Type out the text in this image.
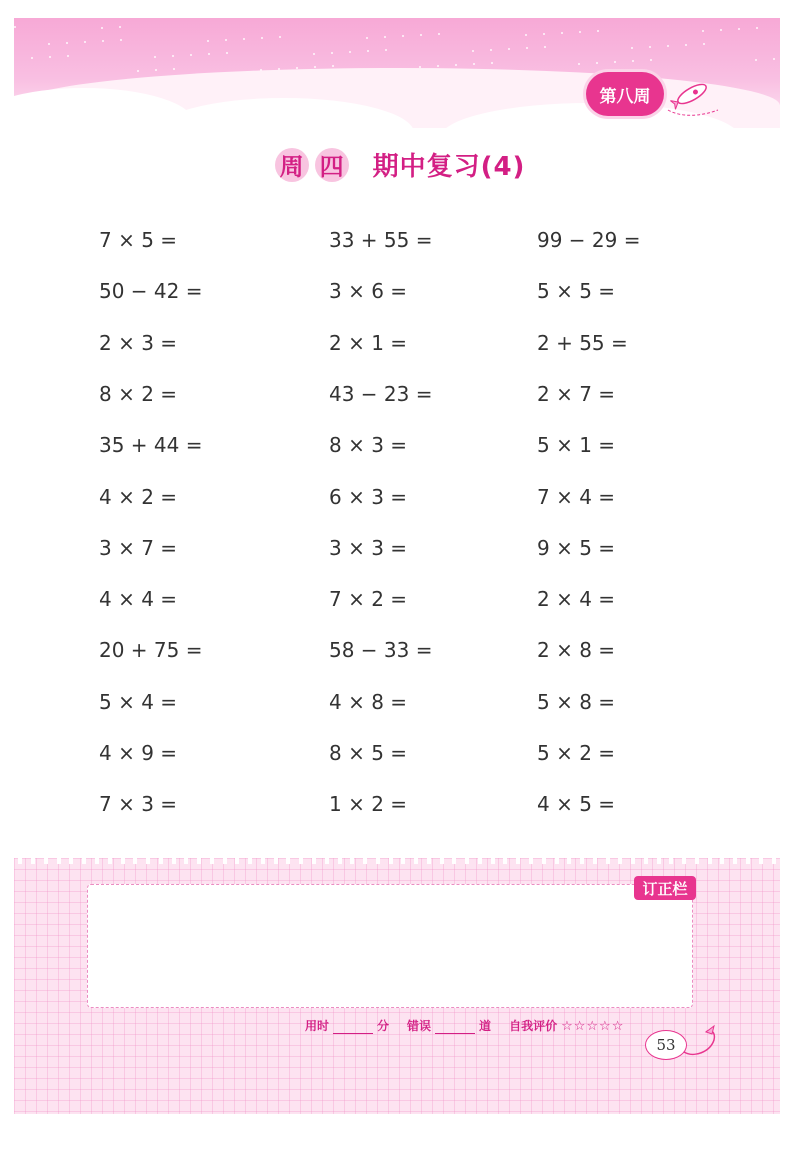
第八周
周 四 期中复习(4)
7 × 5 =
50 − 42 =
2 × 3 =
8 × 2 =
35 + 44 =
4 × 2 =
3 × 7 =
4 × 4 =
20 + 75 =
5 × 4 =
4 × 9 =
7 × 3 =
33 + 55 =
3 × 6 =
2 × 1 =
43 − 23 =
8 × 3 =
6 × 3 =
3 × 3 =
7 × 2 =
58 − 33 =
4 × 8 =
8 × 5 =
1 × 2 =
99 − 29 =
5 × 5 =
2 + 55 =
2 × 7 =
5 × 1 =
7 × 4 =
9 × 5 =
2 × 4 =
2 × 8 =
5 × 8 =
5 × 2 =
4 × 5 =
订正栏
用时	分 错误	道 自我评价 ☆☆☆☆☆
53
